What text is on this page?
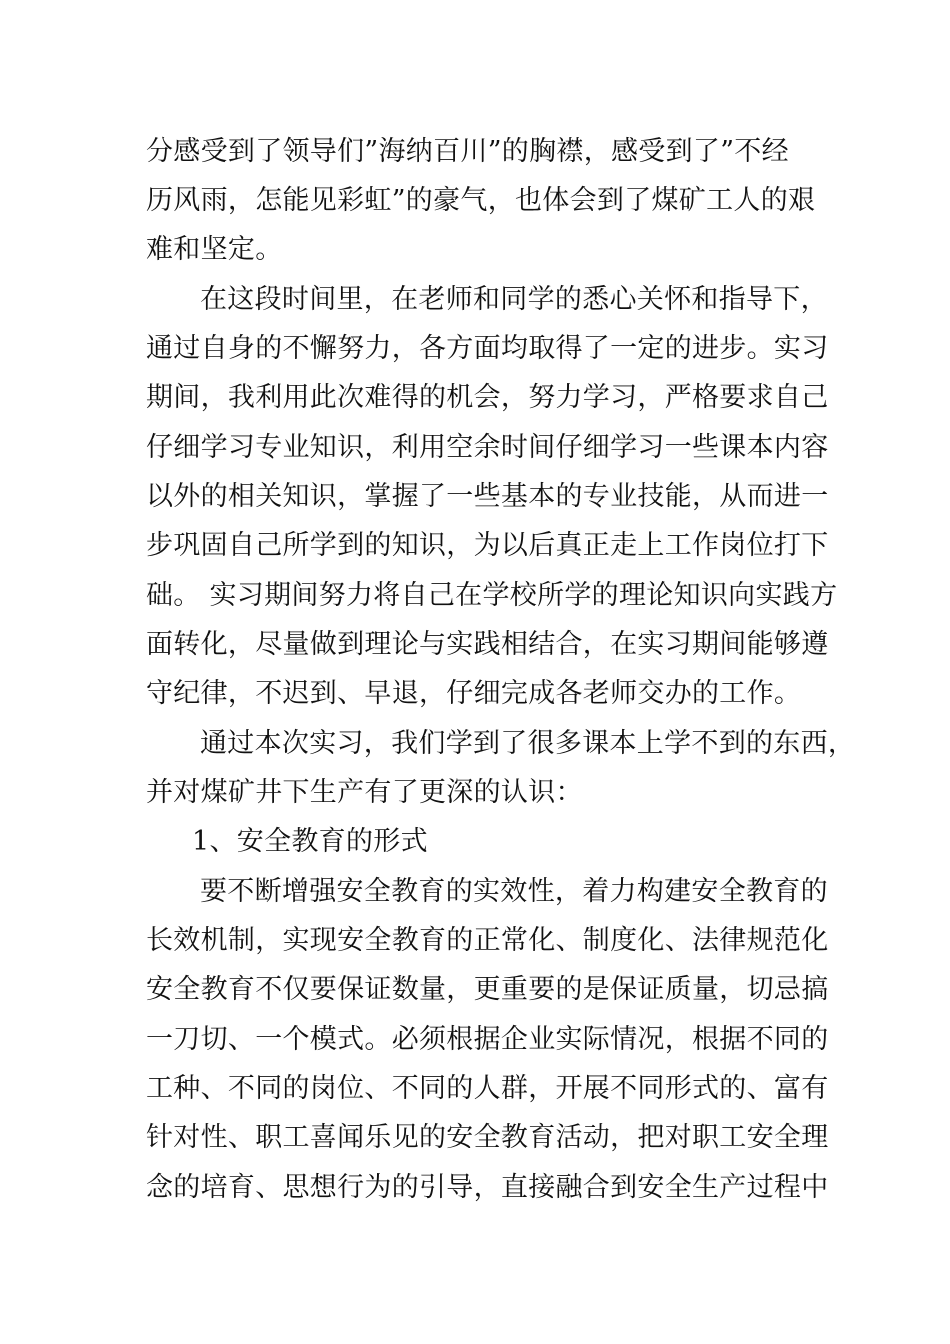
分感受到了领导们”海纳百川”的胸襟，感受到了”不经
历风雨，怎能见彩虹”的豪气，也体会到了煤矿工人的艰
难和坚定。
在这段时间里，在老师和同学的悉心关怀和指导下，
通过自身的不懈努力，各方面均取得了一定的进步。实习
期间，我利用此次难得的机会，努力学习，严格要求自己
仔细学习专业知识，利用空余时间仔细学习一些课本内容
以外的相关知识，掌握了一些基本的专业技能，从而进一
步巩固自己所学到的知识，为以后真正走上工作岗位打下
础。 实习期间努力将自己在学校所学的理论知识向实践方
面转化，尽量做到理论与实践相结合，在实习期间能够遵
守纪律，不迟到、早退，仔细完成各老师交办的工作。
通过本次实习，我们学到了很多课本上学不到的东西，
并对煤矿井下生产有了更深的认识：
1、安全教育的形式
要不断增强安全教育的实效性，着力构建安全教育的
长效机制，实现安全教育的正常化、制度化、法律规范化
安全教育不仅要保证数量，更重要的是保证质量，切忌搞
一刀切、一个模式。必须根据企业实际情况，根据不同的
工种、不同的岗位、不同的人群，开展不同形式的、富有
针对性、职工喜闻乐见的安全教育活动，把对职工安全理
念的培育、思想行为的引导，直接融合到安全生产过程中
